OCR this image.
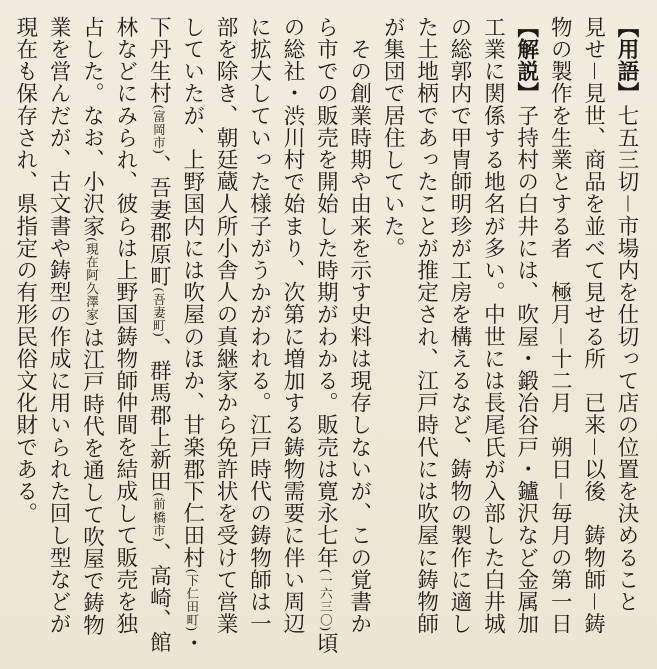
【用語】七五三切－市場内を仕切って店の位置を決めること　見せ－見世、商品を並べて見せる所　已来－以後　鋳物師－鋳物の製作を生業とする者　極月－十二月　朔日－毎月の第一日

【解説】子持村の白井には、吹屋・鍛冶谷戸・鑪沢など金属加工業に関係する地名が多い。中世には長尾氏が入部した白井城の総郭内で甲冑師明珍が工房を構えるなど、鋳物の製作に適した土地柄であったことが推定され、江戸時代には吹屋に鋳物師が集団で居住していた。

　その創業時期や由来を示す史料は現存しないが、この覚書から市での販売を開始した時期がわかる。販売は寛永七年(一六三〇)頃の総社・渋川村で始まり、次第に増加する鋳物需要に伴い周辺に拡大していった様子がうかがわれる。江戸時代の鋳物師は一部を除き、朝廷蔵人所小舎人の真継家から免許状を受けて営業していたが、上野国内には吹屋のほか、甘楽郡下仁田村(下仁田町)・下丹生村(富岡市)、吾妻郡原町(吾妻町)、群馬郡上新田(前橋市)、高崎、館林などにみられ、彼らは上野国鋳物師仲間を結成して販売を独占した。なお、小沢家(現在阿久澤家)は江戸時代を通して吹屋で鋳物業を営んだが、古文書や鋳型の作成に用いられた回し型などが現在も保存され、県指定の有形民俗文化財である。
